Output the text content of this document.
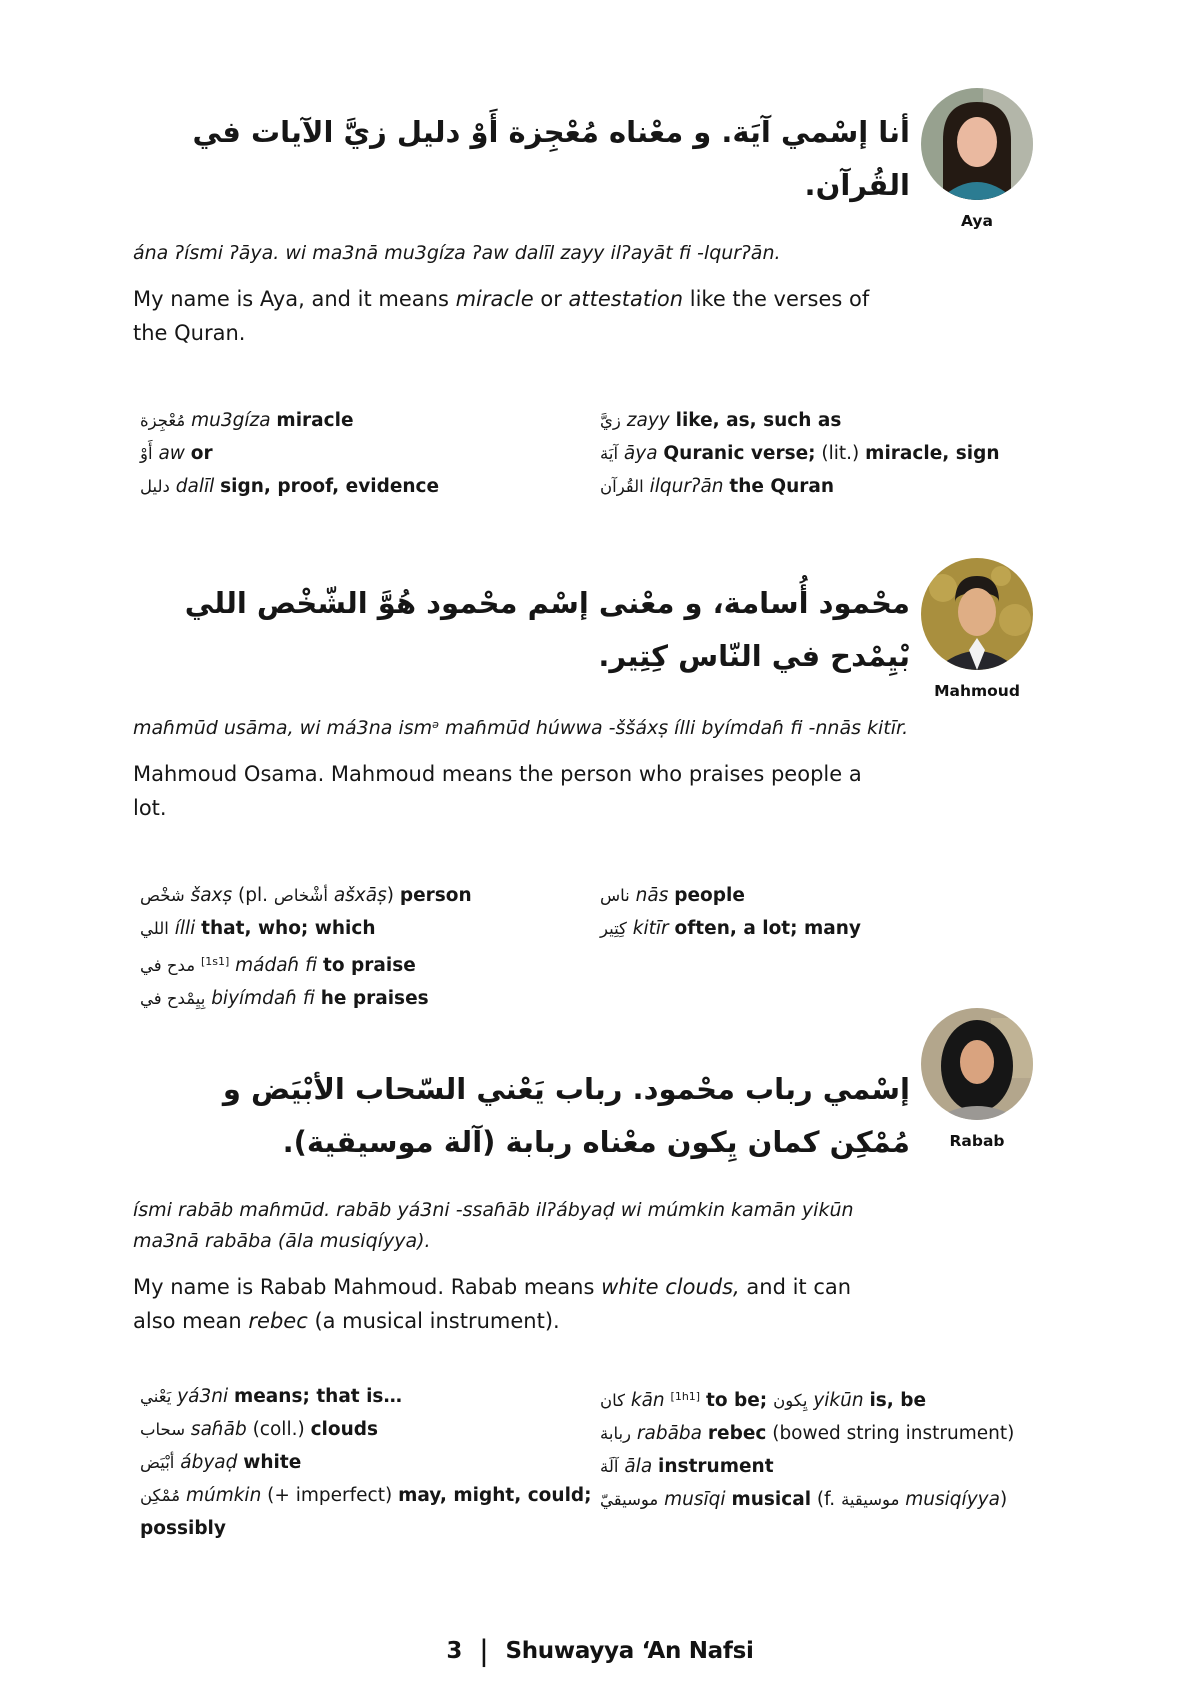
أنا إسْمي آيَة. و معْناه مُعْجِزة أَوْ دليل زيَّ الآيات في القُرآن.
ána ʔísmi ʔāya. wi ma3nā mu3gíza ʔaw dalīl zayy ilʔayāt fi -lqurʔān.
My name is Aya, and it means miracle or attestation like the verses of the Quran.
مُعْجِزة mu3gíza miracle
أَوْ aw or
دليل dalīl sign, proof, evidence
زيَّ zayy like, as, such as
آيَة āya Quranic verse; (lit.) miracle, sign
القُرآن ilqurʔān the Quran
محْمود أُسامة، و معْنى إسْم محْمود هُوَّ الشّخْص اللي بْيِمْدح في النّاس كِتِير.
maɦmūd usāma, wi má3na ism$^ə$ maɦmūd húwwa -ššáxṣ ílli byímdaɦ fi -nnās kitīr.
Mahmoud Osama. Mahmoud means the person who praises people a lot.
شخْص šaxṣ (pl. أشْخاص ašxāṣ) person
اللي ílli that, who; which
مدح في [1s1] mádaɦ fi to praise
بِيِمْدح في biyímdaɦ fi he praises
ناس nās people
كِتِير kitīr often, a lot; many
إسْمي رباب محْمود. رباب يَعْني السّحاب الأبْيَض و مُمْكِن كمان يِكون معْناه ربابة (آلة موسيقية).
ísmi rabāb maɦmūd. rabāb yá3ni -ssaɦāb ilʔábyaḍ wi múmkin kamān yikūn ma3nā rabāba (āla musiqíyya).
My name is Rabab Mahmoud. Rabab means white clouds, and it can also mean rebec (a musical instrument).
يَعْني yá3ni means; that is…
سحاب saɦāb (coll.) clouds
أبْيَض ábyaḍ white
مُمْكِن múmkin (+ imperfect) may, might, could; possibly
كان kān [1h1] to be; يِكون yikūn is, be
ربابة rabāba rebec (bowed string instrument)
آلَة āla instrument
موسيقيّ musīqi musical (f. موسيقية musiqíyya)
Aya
Mahmoud
Rabab
3 | Shuwayya ‘An Nafsi
